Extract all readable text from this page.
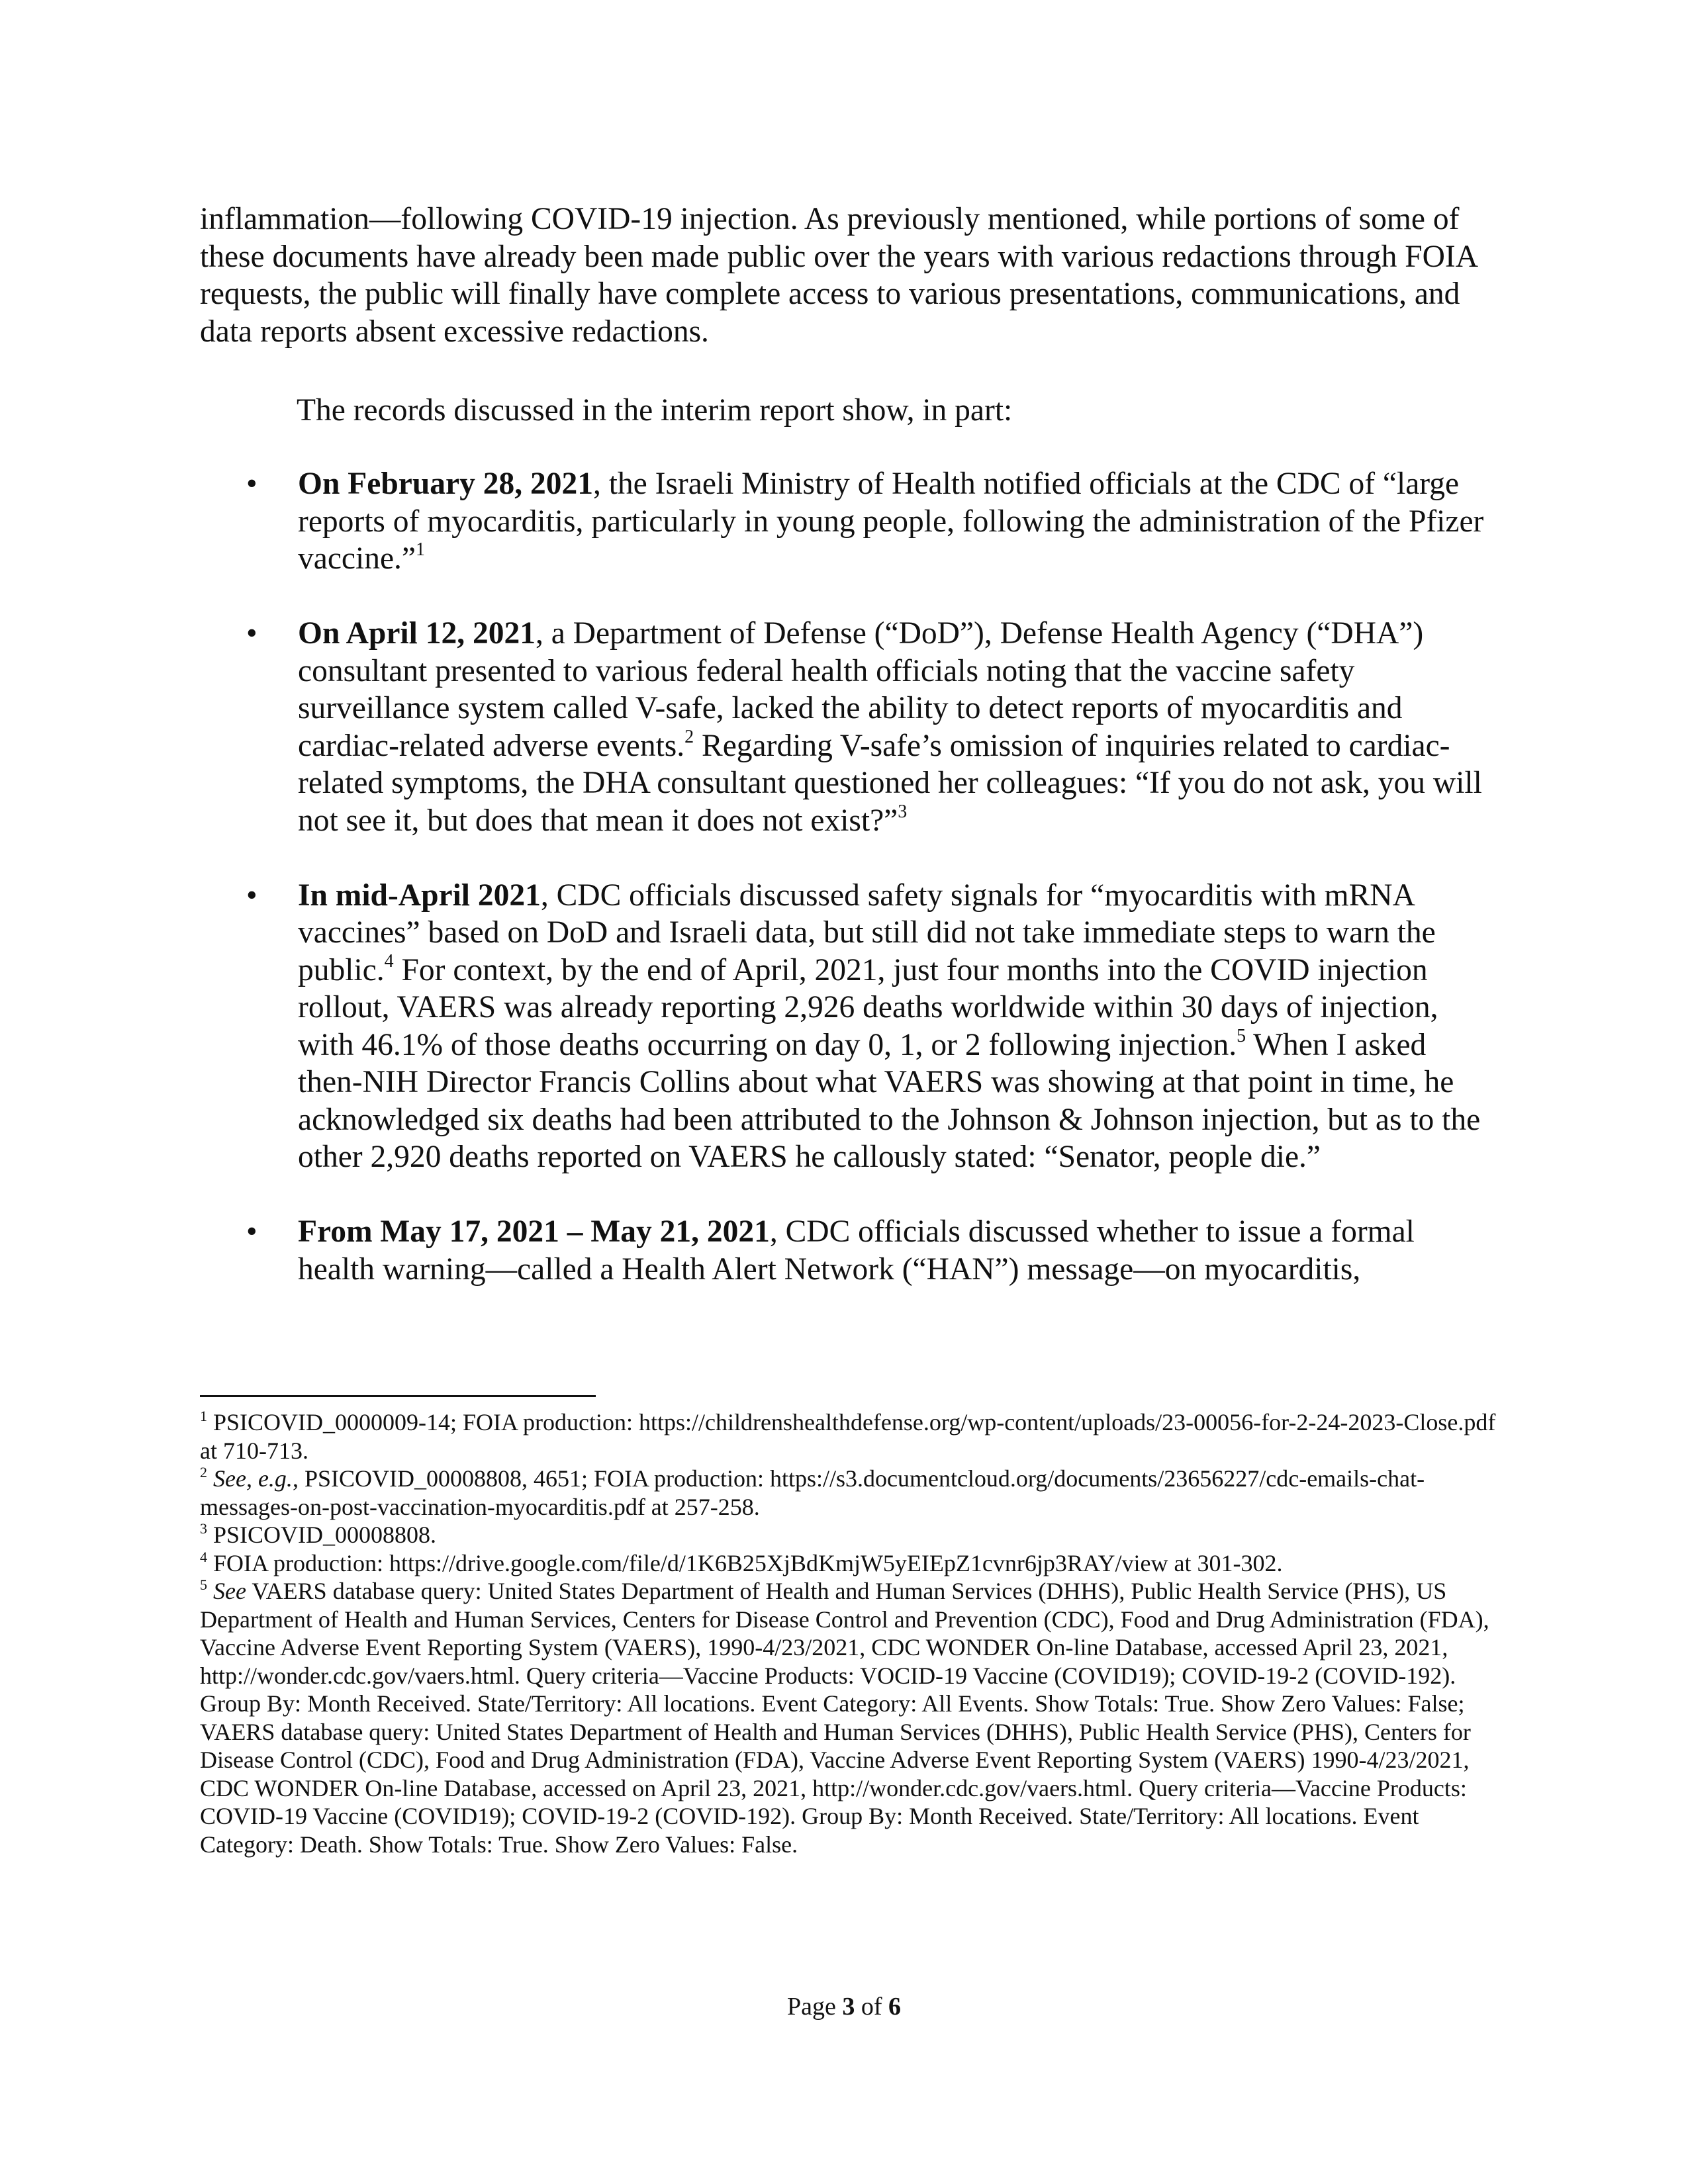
inflammation—following COVID-19 injection. As previously mentioned, while portions of some of these documents have already been made public over the years with various redactions through FOIA requests, the public will finally have complete access to various presentations, communications, and data reports absent excessive redactions.

The records discussed in the interim report show, in part:

• On February 28, 2021, the Israeli Ministry of Health notified officials at the CDC of “large reports of myocarditis, particularly in young people, following the administration of the Pfizer vaccine.”$^1$
• On April 12, 2021, a Department of Defense (“DoD”), Defense Health Agency (“DHA”) consultant presented to various federal health officials noting that the vaccine safety surveillance system called V-safe, lacked the ability to detect reports of myocarditis and cardiac-related adverse events.$^2$ Regarding V-safe’s omission of inquiries related to cardiac-related symptoms, the DHA consultant questioned her colleagues: “If you do not ask, you will not see it, but does that mean it does not exist?”$^3$
• In mid-April 2021, CDC officials discussed safety signals for “myocarditis with mRNA vaccines” based on DoD and Israeli data, but still did not take immediate steps to warn the public.$^4$ For context, by the end of April, 2021, just four months into the COVID injection rollout, VAERS was already reporting 2,926 deaths worldwide within 30 days of injection, with 46.1% of those deaths occurring on day 0, 1, or 2 following injection.$^5$ When I asked then-NIH Director Francis Collins about what VAERS was showing at that point in time, he acknowledged six deaths had been attributed to the Johnson & Johnson injection, but as to the other 2,920 deaths reported on VAERS he callously stated: “Senator, people die.”
• From May 17, 2021 – May 21, 2021, CDC officials discussed whether to issue a formal health warning—called a Health Alert Network (“HAN”) message—on myocarditis,

$^1$ PSICOVID_0000009-14; FOIA production: https://childrenshealthdefense.org/wp-content/uploads/23-00056-for-2-24-2023-Close.pdf at 710-713.

$^2$ See, e.g., PSICOVID_00008808, 4651; FOIA production: https://s3.documentcloud.org/documents/23656227/cdc-emails-chat-messages-on-post-vaccination-myocarditis.pdf at 257-258.

$^3$ PSICOVID_00008808.

$^4$ FOIA production: https://drive.google.com/file/d/1K6B25XjBdKmjW5yEIEpZ1cvnr6jp3RAY/view at 301-302.

$^5$ See VAERS database query: United States Department of Health and Human Services (DHHS), Public Health Service (PHS), US Department of Health and Human Services, Centers for Disease Control and Prevention (CDC), Food and Drug Administration (FDA), Vaccine Adverse Event Reporting System (VAERS), 1990-4/23/2021, CDC WONDER On-line Database, accessed April 23, 2021, http://wonder.cdc.gov/vaers.html. Query criteria—Vaccine Products: VOCID-19 Vaccine (COVID19); COVID-19-2 (COVID-192). Group By: Month Received. State/Territory: All locations. Event Category: All Events. Show Totals: True. Show Zero Values: False; VAERS database query: United States Department of Health and Human Services (DHHS), Public Health Service (PHS), Centers for Disease Control (CDC), Food and Drug Administration (FDA), Vaccine Adverse Event Reporting System (VAERS) 1990-4/23/2021, CDC WONDER On-line Database, accessed on April 23, 2021, http://wonder.cdc.gov/vaers.html. Query criteria—Vaccine Products: COVID-19 Vaccine (COVID19); COVID-19-2 (COVID-192). Group By: Month Received. State/Territory: All locations. Event Category: Death. Show Totals: True. Show Zero Values: False.

Page 3 of 6
